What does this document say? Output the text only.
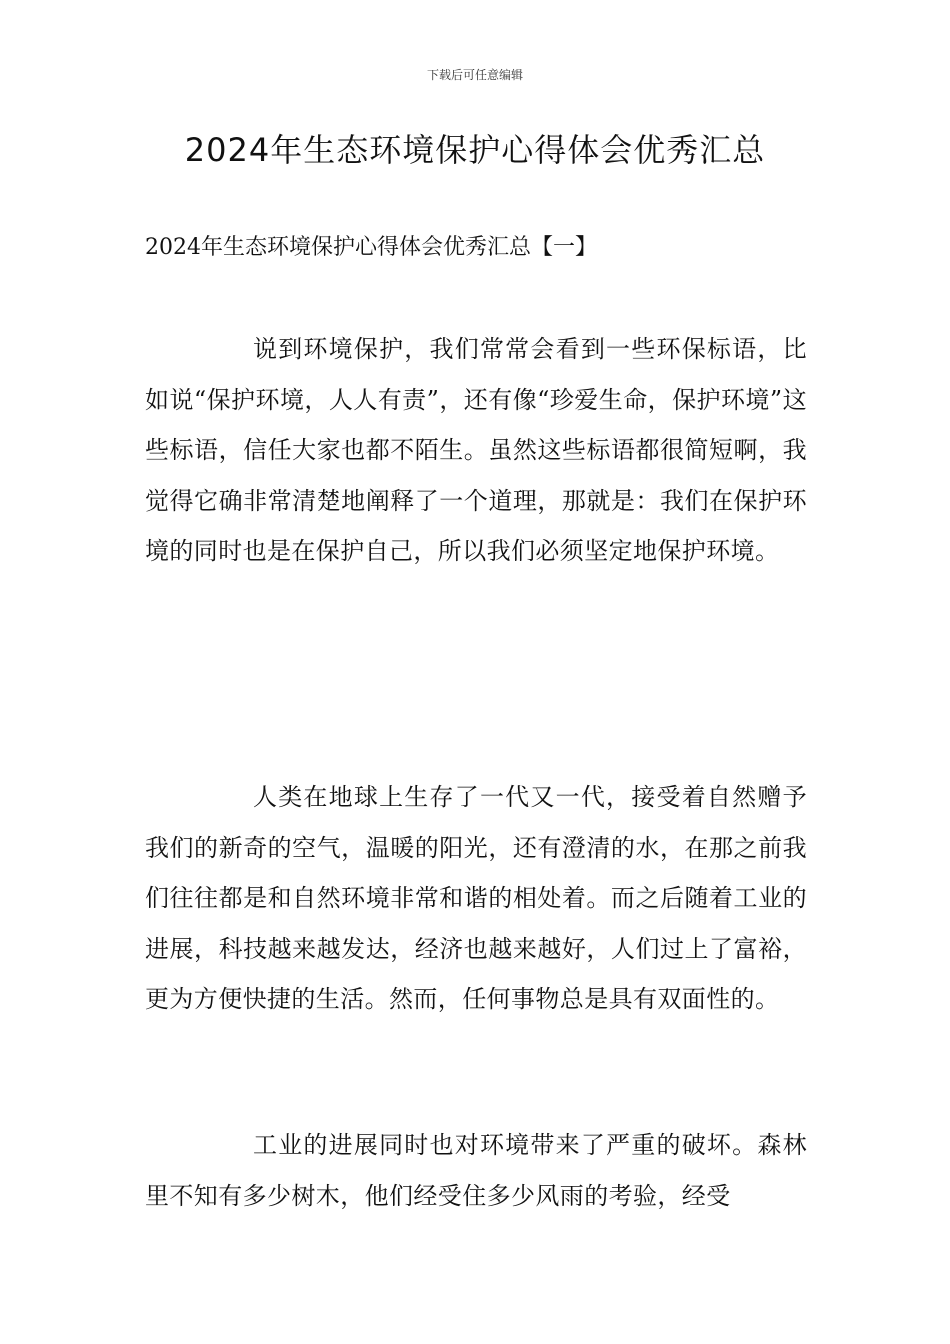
下载后可任意编辑
2024年生态环境保护心得体会优秀汇总
2024年生态环境保护心得体会优秀汇总【一】

说到环境保护，我们常常会看到一些环保标语，比如说“保护环境，人人有责”，还有像“珍爱生命，保护环境”这些标语，信任大家也都不陌生。虽然这些标语都很简短啊，我觉得它确非常清楚地阐释了一个道理，那就是：我们在保护环境的同时也是在保护自己，所以我们必须坚定地保护环境。

人类在地球上生存了一代又一代，接受着自然赠予我们的新奇的空气，温暖的阳光，还有澄清的水，在那之前我们往往都是和自然环境非常和谐的相处着。而之后随着工业的进展，科技越来越发达，经济也越来越好，人们过上了富裕，更为方便快捷的生活。然而，任何事物总是具有双面性的。

工业的进展同时也对环境带来了严重的破坏。森林里不知有多少树木，他们经受住多少风雨的考验，经受
